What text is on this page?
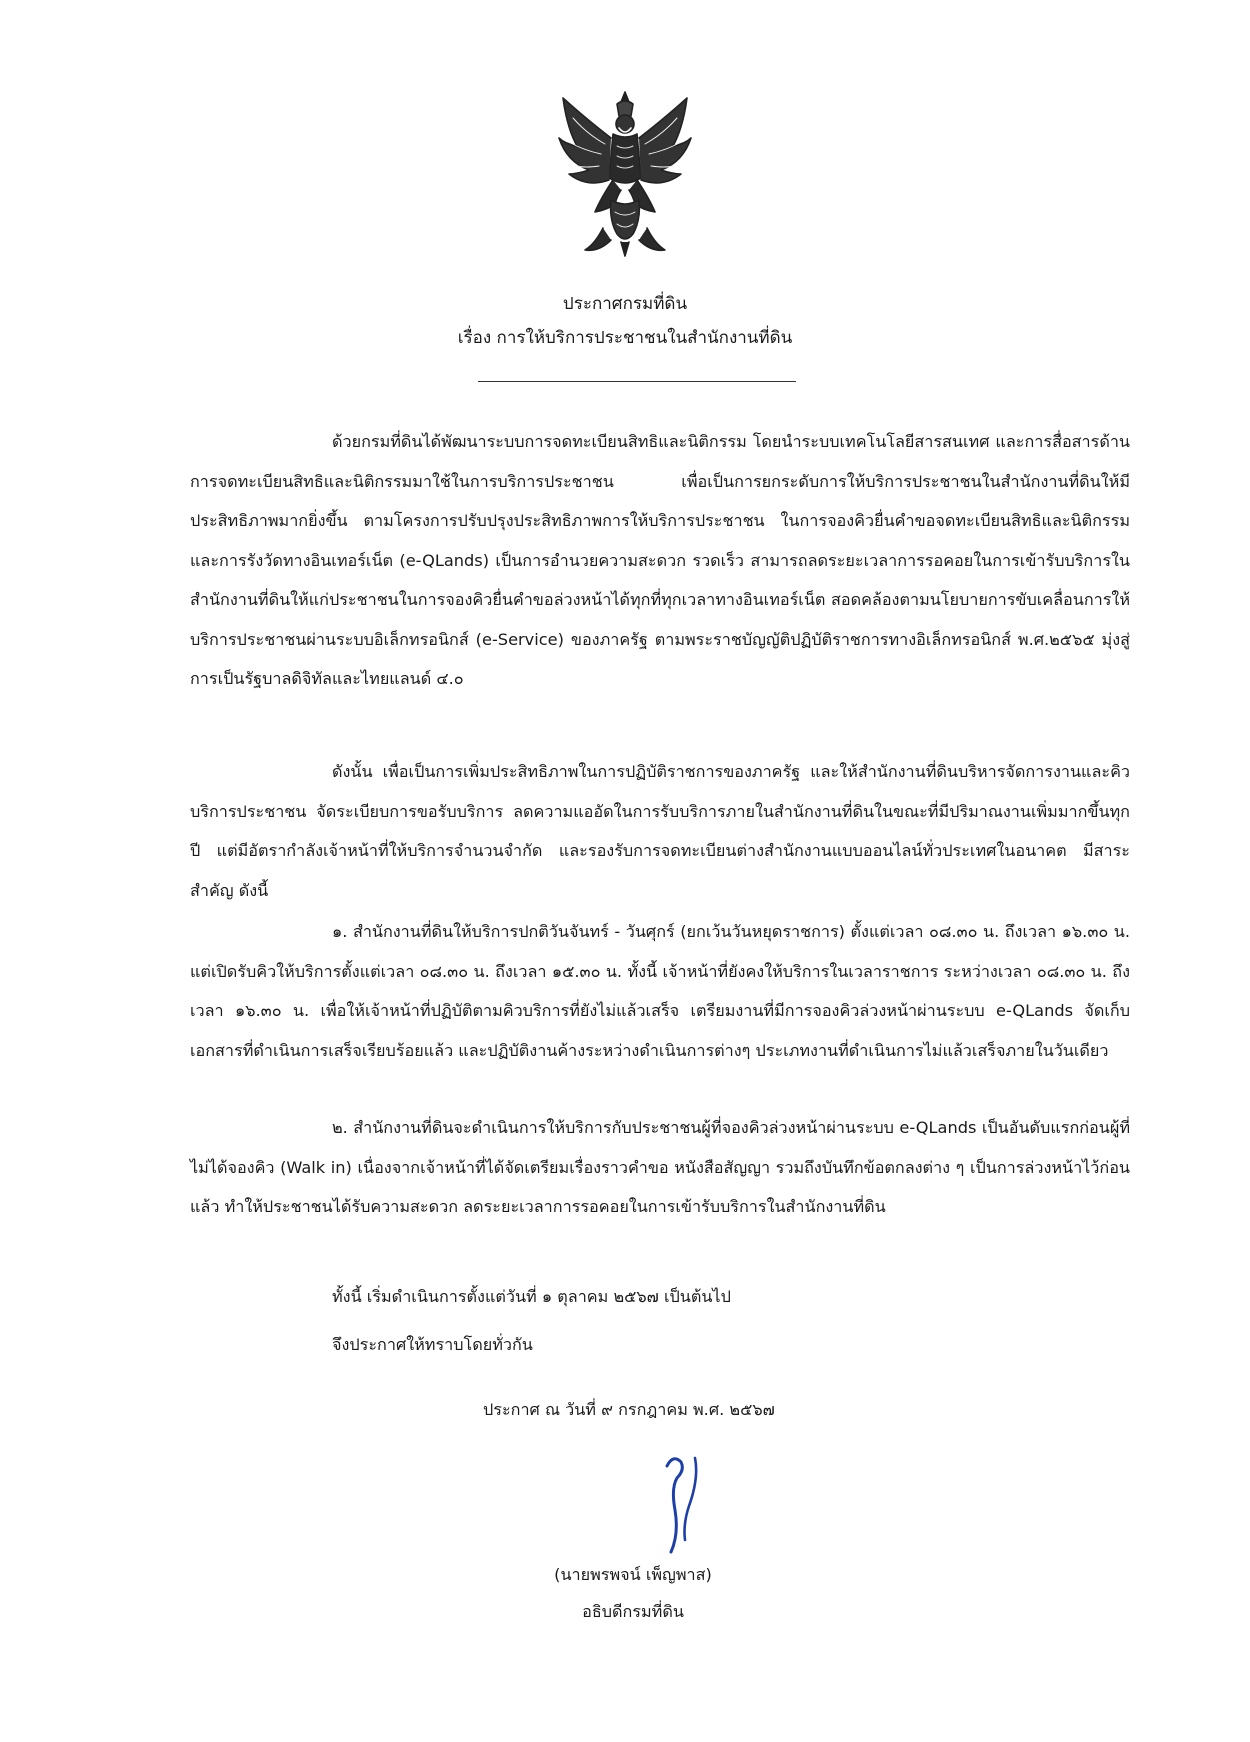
ประกาศกรมที่ดิน
เรื่อง การให้บริการประชาชนในสำนักงานที่ดิน

ด้วยกรมที่ดินได้พัฒนาระบบการจดทะเบียนสิทธิและนิติกรรม โดยนำระบบเทคโนโลยีสารสนเทศ และการสื่อสารด้านการจดทะเบียนสิทธิและนิติกรรมมาใช้ในการบริการประชาชน เพื่อเป็นการยกระดับการให้บริการประชาชนในสำนักงานที่ดินให้มีประสิทธิภาพมากยิ่งขึ้น ตามโครงการปรับปรุงประสิทธิภาพการให้บริการประชาชน ในการจองคิวยื่นคำขอจดทะเบียนสิทธิและนิติกรรม และการรังวัดทางอินเทอร์เน็ต (e-QLands) เป็นการอำนวยความสะดวก รวดเร็ว สามารถลดระยะเวลาการรอคอยในการเข้ารับบริการในสำนักงานที่ดินให้แก่ประชาชนในการจองคิวยื่นคำขอล่วงหน้าได้ทุกที่ทุกเวลาทางอินเทอร์เน็ต สอดคล้องตามนโยบายการขับเคลื่อนการให้บริการประชาชนผ่านระบบอิเล็กทรอนิกส์ (e-Service) ของภาครัฐ ตามพระราชบัญญัติปฏิบัติราชการทางอิเล็กทรอนิกส์ พ.ศ.๒๕๖๕ มุ่งสู่การเป็นรัฐบาลดิจิทัลและไทยแลนด์ ๔.๐

ดังนั้น เพื่อเป็นการเพิ่มประสิทธิภาพในการปฏิบัติราชการของภาครัฐ และให้สำนักงานที่ดินบริหารจัดการงานและคิวบริการประชาชน จัดระเบียบการขอรับบริการ ลดความแออัดในการรับบริการภายในสำนักงานที่ดินในขณะที่มีปริมาณงานเพิ่มมากขึ้นทุกปี แต่มีอัตรากำลังเจ้าหน้าที่ให้บริการจำนวนจำกัด และรองรับการจดทะเบียนต่างสำนักงานแบบออนไลน์ทั่วประเทศในอนาคต มีสาระสำคัญ ดังนี้

๑. สำนักงานที่ดินให้บริการปกติวันจันทร์ - วันศุกร์ (ยกเว้นวันหยุดราชการ) ตั้งแต่เวลา ๐๘.๓๐ น. ถึงเวลา ๑๖.๓๐ น. แต่เปิดรับคิวให้บริการตั้งแต่เวลา ๐๘.๓๐ น. ถึงเวลา ๑๕.๓๐ น. ทั้งนี้ เจ้าหน้าที่ยังคงให้บริการในเวลาราชการ ระหว่างเวลา ๐๘.๓๐ น. ถึงเวลา ๑๖.๓๐ น. เพื่อให้เจ้าหน้าที่ปฏิบัติตามคิวบริการที่ยังไม่แล้วเสร็จ เตรียมงานที่มีการจองคิวล่วงหน้าผ่านระบบ e-QLands จัดเก็บเอกสารที่ดำเนินการเสร็จเรียบร้อยแล้ว และปฏิบัติงานค้างระหว่างดำเนินการต่างๆ ประเภทงานที่ดำเนินการไม่แล้วเสร็จภายในวันเดียว

๒. สำนักงานที่ดินจะดำเนินการให้บริการกับประชาชนผู้ที่จองคิวล่วงหน้าผ่านระบบ e-QLands เป็นอันดับแรกก่อนผู้ที่ไม่ได้จองคิว (Walk in) เนื่องจากเจ้าหน้าที่ได้จัดเตรียมเรื่องราวคำขอ หนังสือสัญญา รวมถึงบันทึกข้อตกลงต่าง ๆ เป็นการล่วงหน้าไว้ก่อนแล้ว ทำให้ประชาชนได้รับความสะดวก ลดระยะเวลาการรอคอยในการเข้ารับบริการในสำนักงานที่ดิน

ทั้งนี้ เริ่มดำเนินการตั้งแต่วันที่ ๑ ตุลาคม ๒๕๖๗ เป็นต้นไป
จึงประกาศให้ทราบโดยทั่วกัน
ประกาศ ณ วันที่ ๙ กรกฎาคม พ.ศ. ๒๕๖๗
(นายพรพจน์ เพ็ญพาส)
อธิบดีกรมที่ดิน
